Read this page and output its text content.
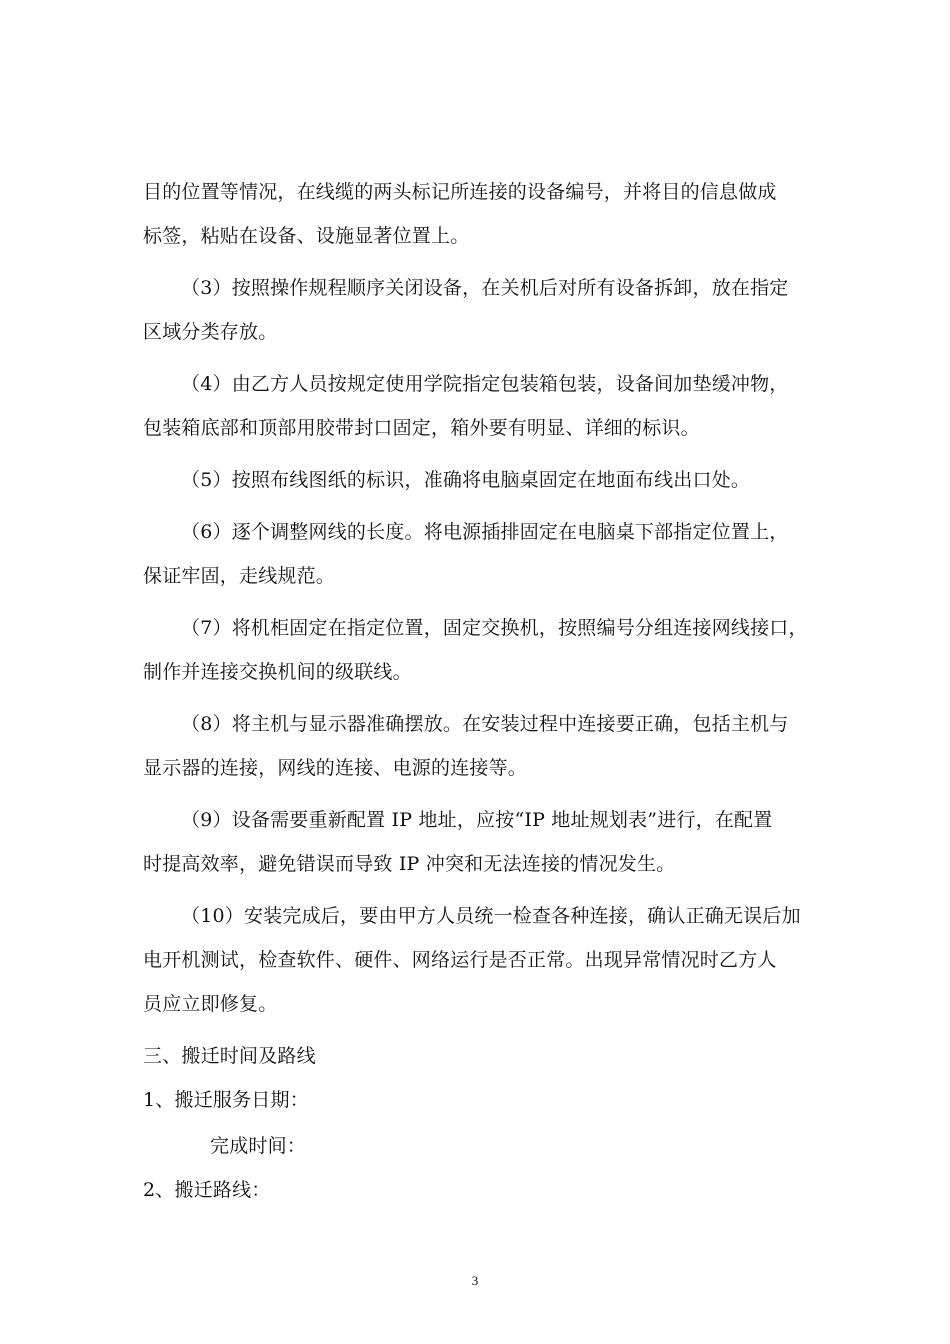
目的位置等情况，在线缆的两头标记所连接的设备编号，并将目的信息做成
标签，粘贴在设备、设施显著位置上。
（3）按照操作规程顺序关闭设备，在关机后对所有设备拆卸，放在指定
区域分类存放。
（4）由乙方人员按规定使用学院指定包装箱包装，设备间加垫缓冲物，
包装箱底部和顶部用胶带封口固定，箱外要有明显、详细的标识。
（5）按照布线图纸的标识，准确将电脑桌固定在地面布线出口处。
（6）逐个调整网线的长度。将电源插排固定在电脑桌下部指定位置上，
保证牢固，走线规范。
（7）将机柜固定在指定位置，固定交换机，按照编号分组连接网线接口，
制作并连接交换机间的级联线。
（8）将主机与显示器准确摆放。在安装过程中连接要正确，包括主机与
显示器的连接，网线的连接、电源的连接等。
（9）设备需要重新配置 IP 地址，应按“IP 地址规划表”进行，在配置
时提高效率，避免错误而导致 IP 冲突和无法连接的情况发生。
（10）安装完成后，要由甲方人员统一检查各种连接，确认正确无误后加
电开机测试，检查软件、硬件、网络运行是否正常。出现异常情况时乙方人
员应立即修复。
三、搬迁时间及路线
1、搬迁服务日期：
完成时间：
2、搬迁路线：
3
